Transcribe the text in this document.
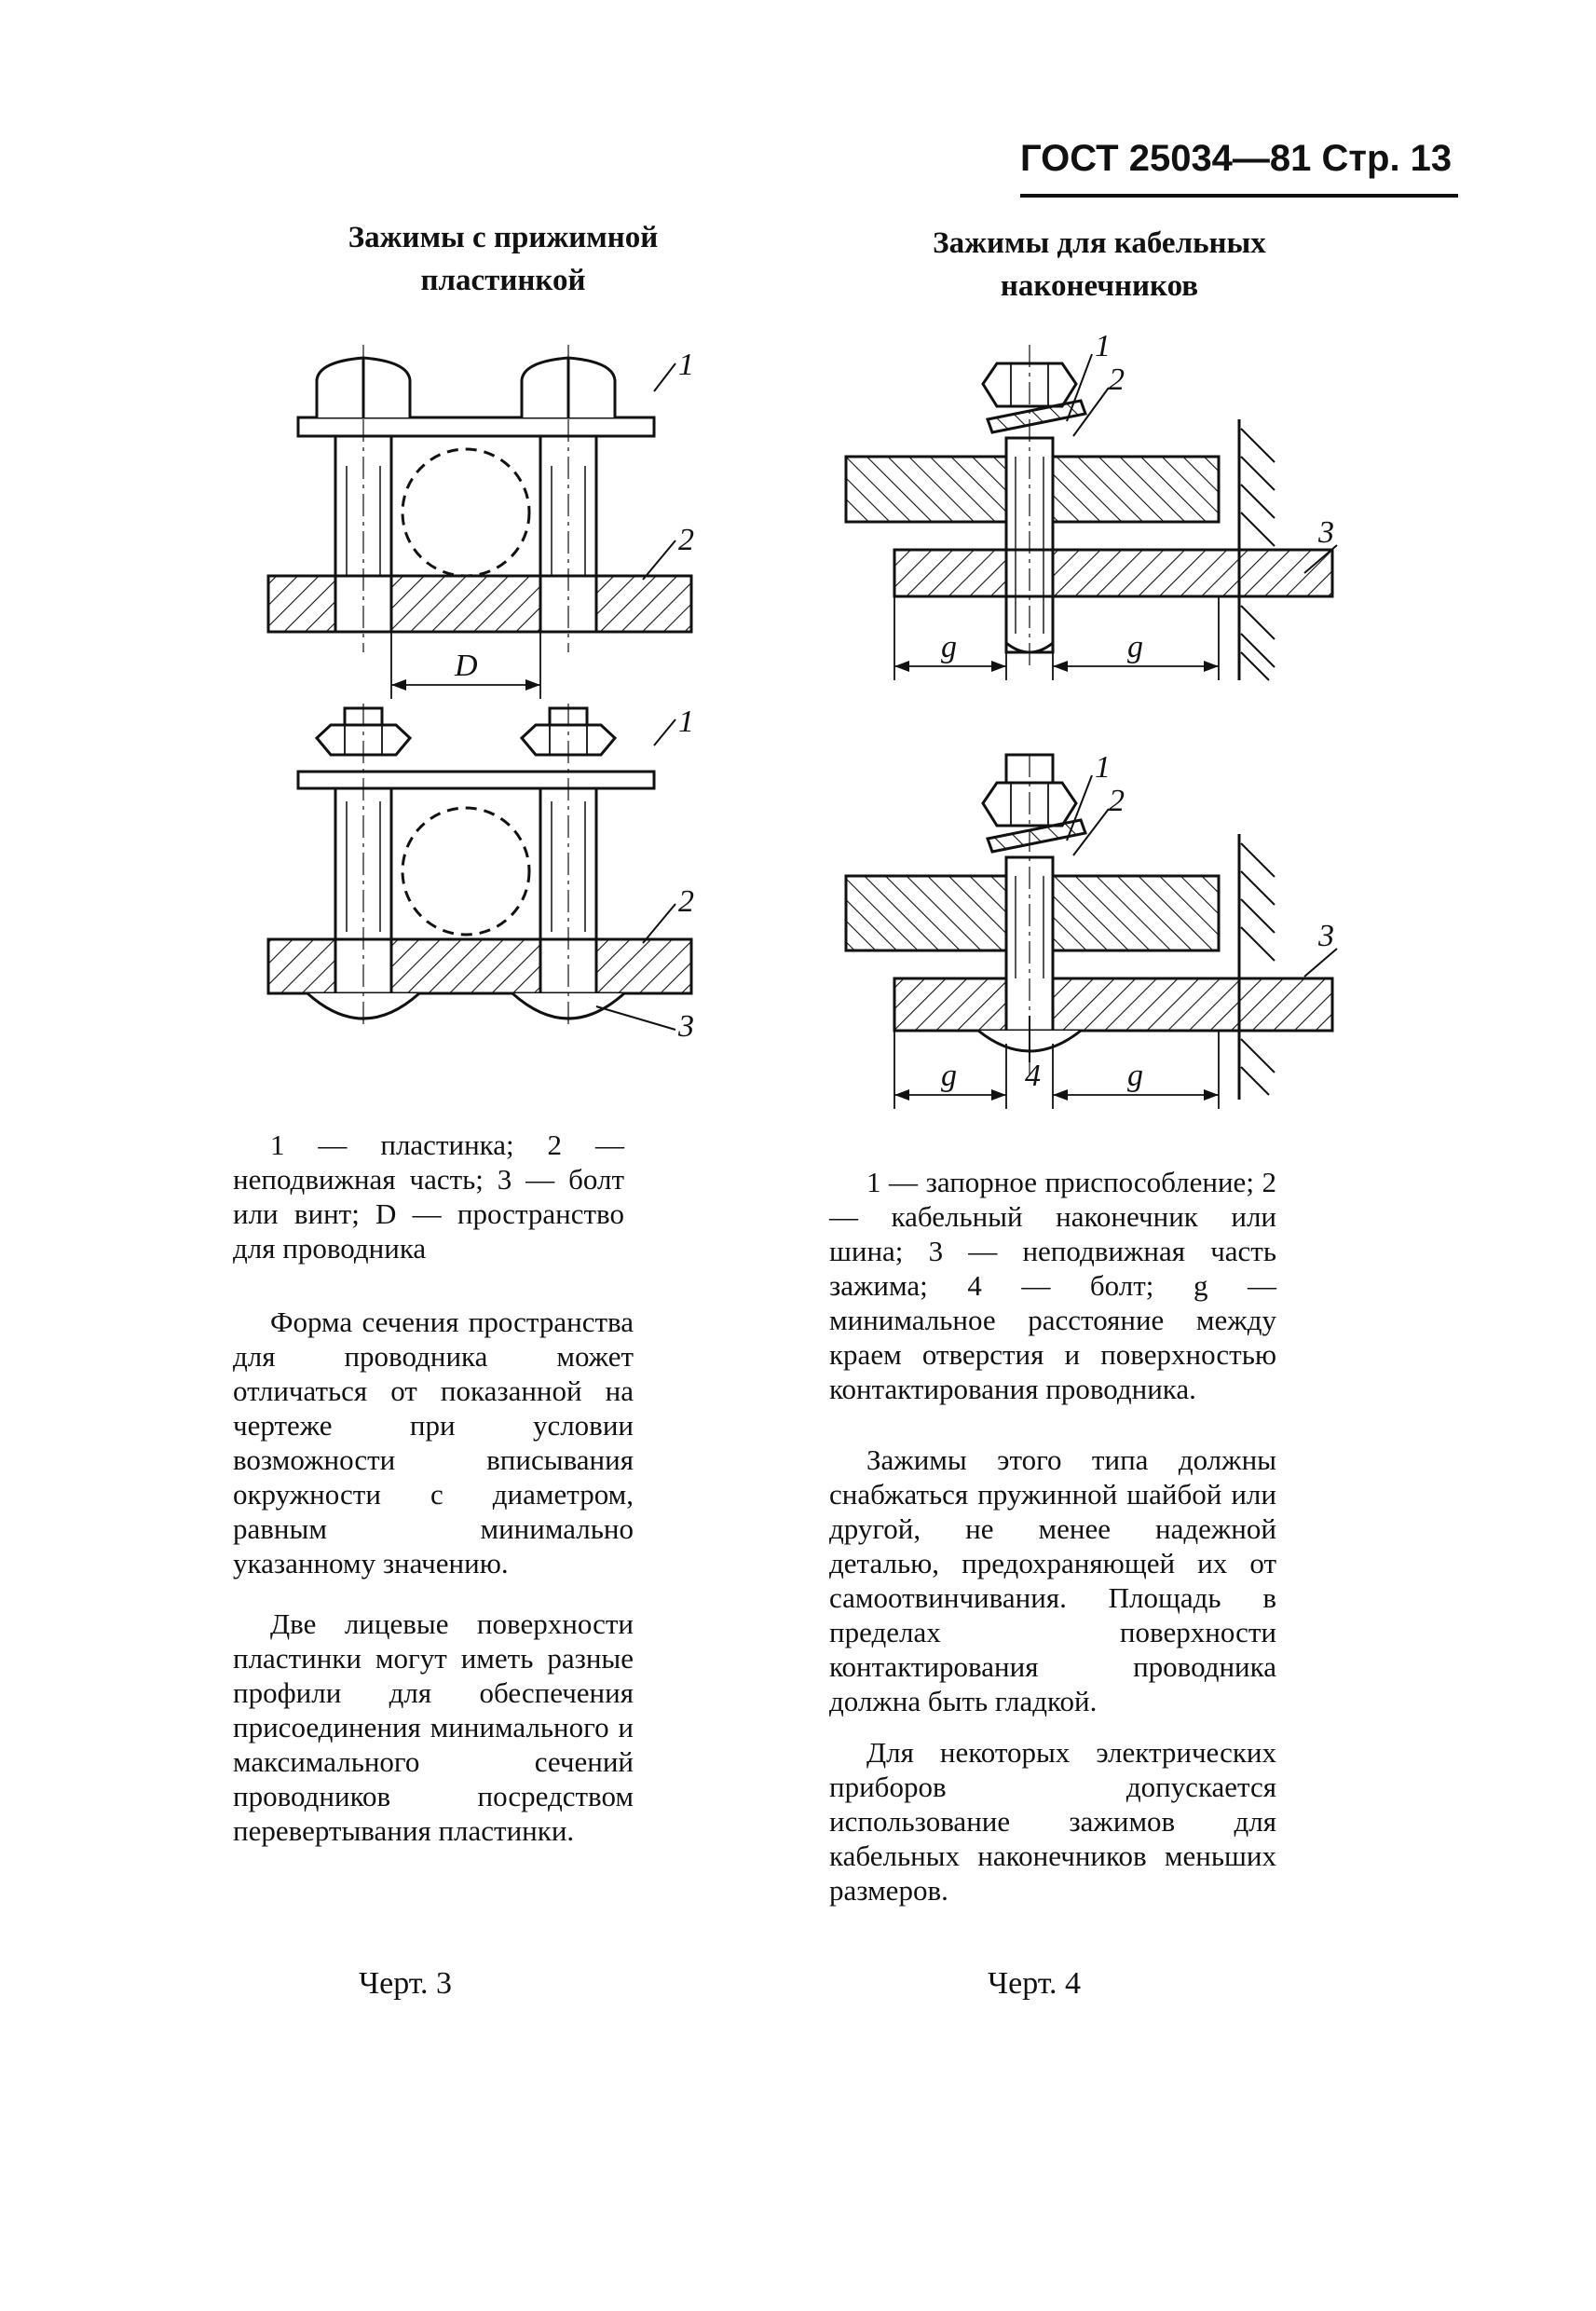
ГОСТ 25034—81 Стр. 13
Зажимы с прижимной
пластинкой
1
2
D
1
2
3

1 — пластинка; 2 — неподвижная часть; 3 — болт или винт; D — пространство для проводника

Форма сечения пространства для проводника может отличаться от показанной на чертеже при условии возможности вписывания окружности с диаметром, равным минимально указанному значению.

Две лицевые поверхности пластинки могут иметь разные профили для обеспечения присоединения минимального и максимального сечений проводников посредством перевертывания пластинки.

Черт. 3
Зажимы для кабельных
наконечников
1
2
3
g	g
1
2
3
4
g	g

1 — запорное приспособление; 2 — кабельный наконечник или шина; 3 — неподвижная часть зажима; 4 — болт; g — минимальное расстояние между краем отверстия и поверхностью контактирования проводника.

Зажимы этого типа должны снабжаться пружинной шайбой или другой, не менее надежной деталью, предохраняющей их от самоотвинчивания. Площадь в пределах поверхности контактирования проводника должна быть гладкой.

Для некоторых электрических приборов допускается использование зажимов для кабельных наконечников меньших размеров.

Черт. 4
